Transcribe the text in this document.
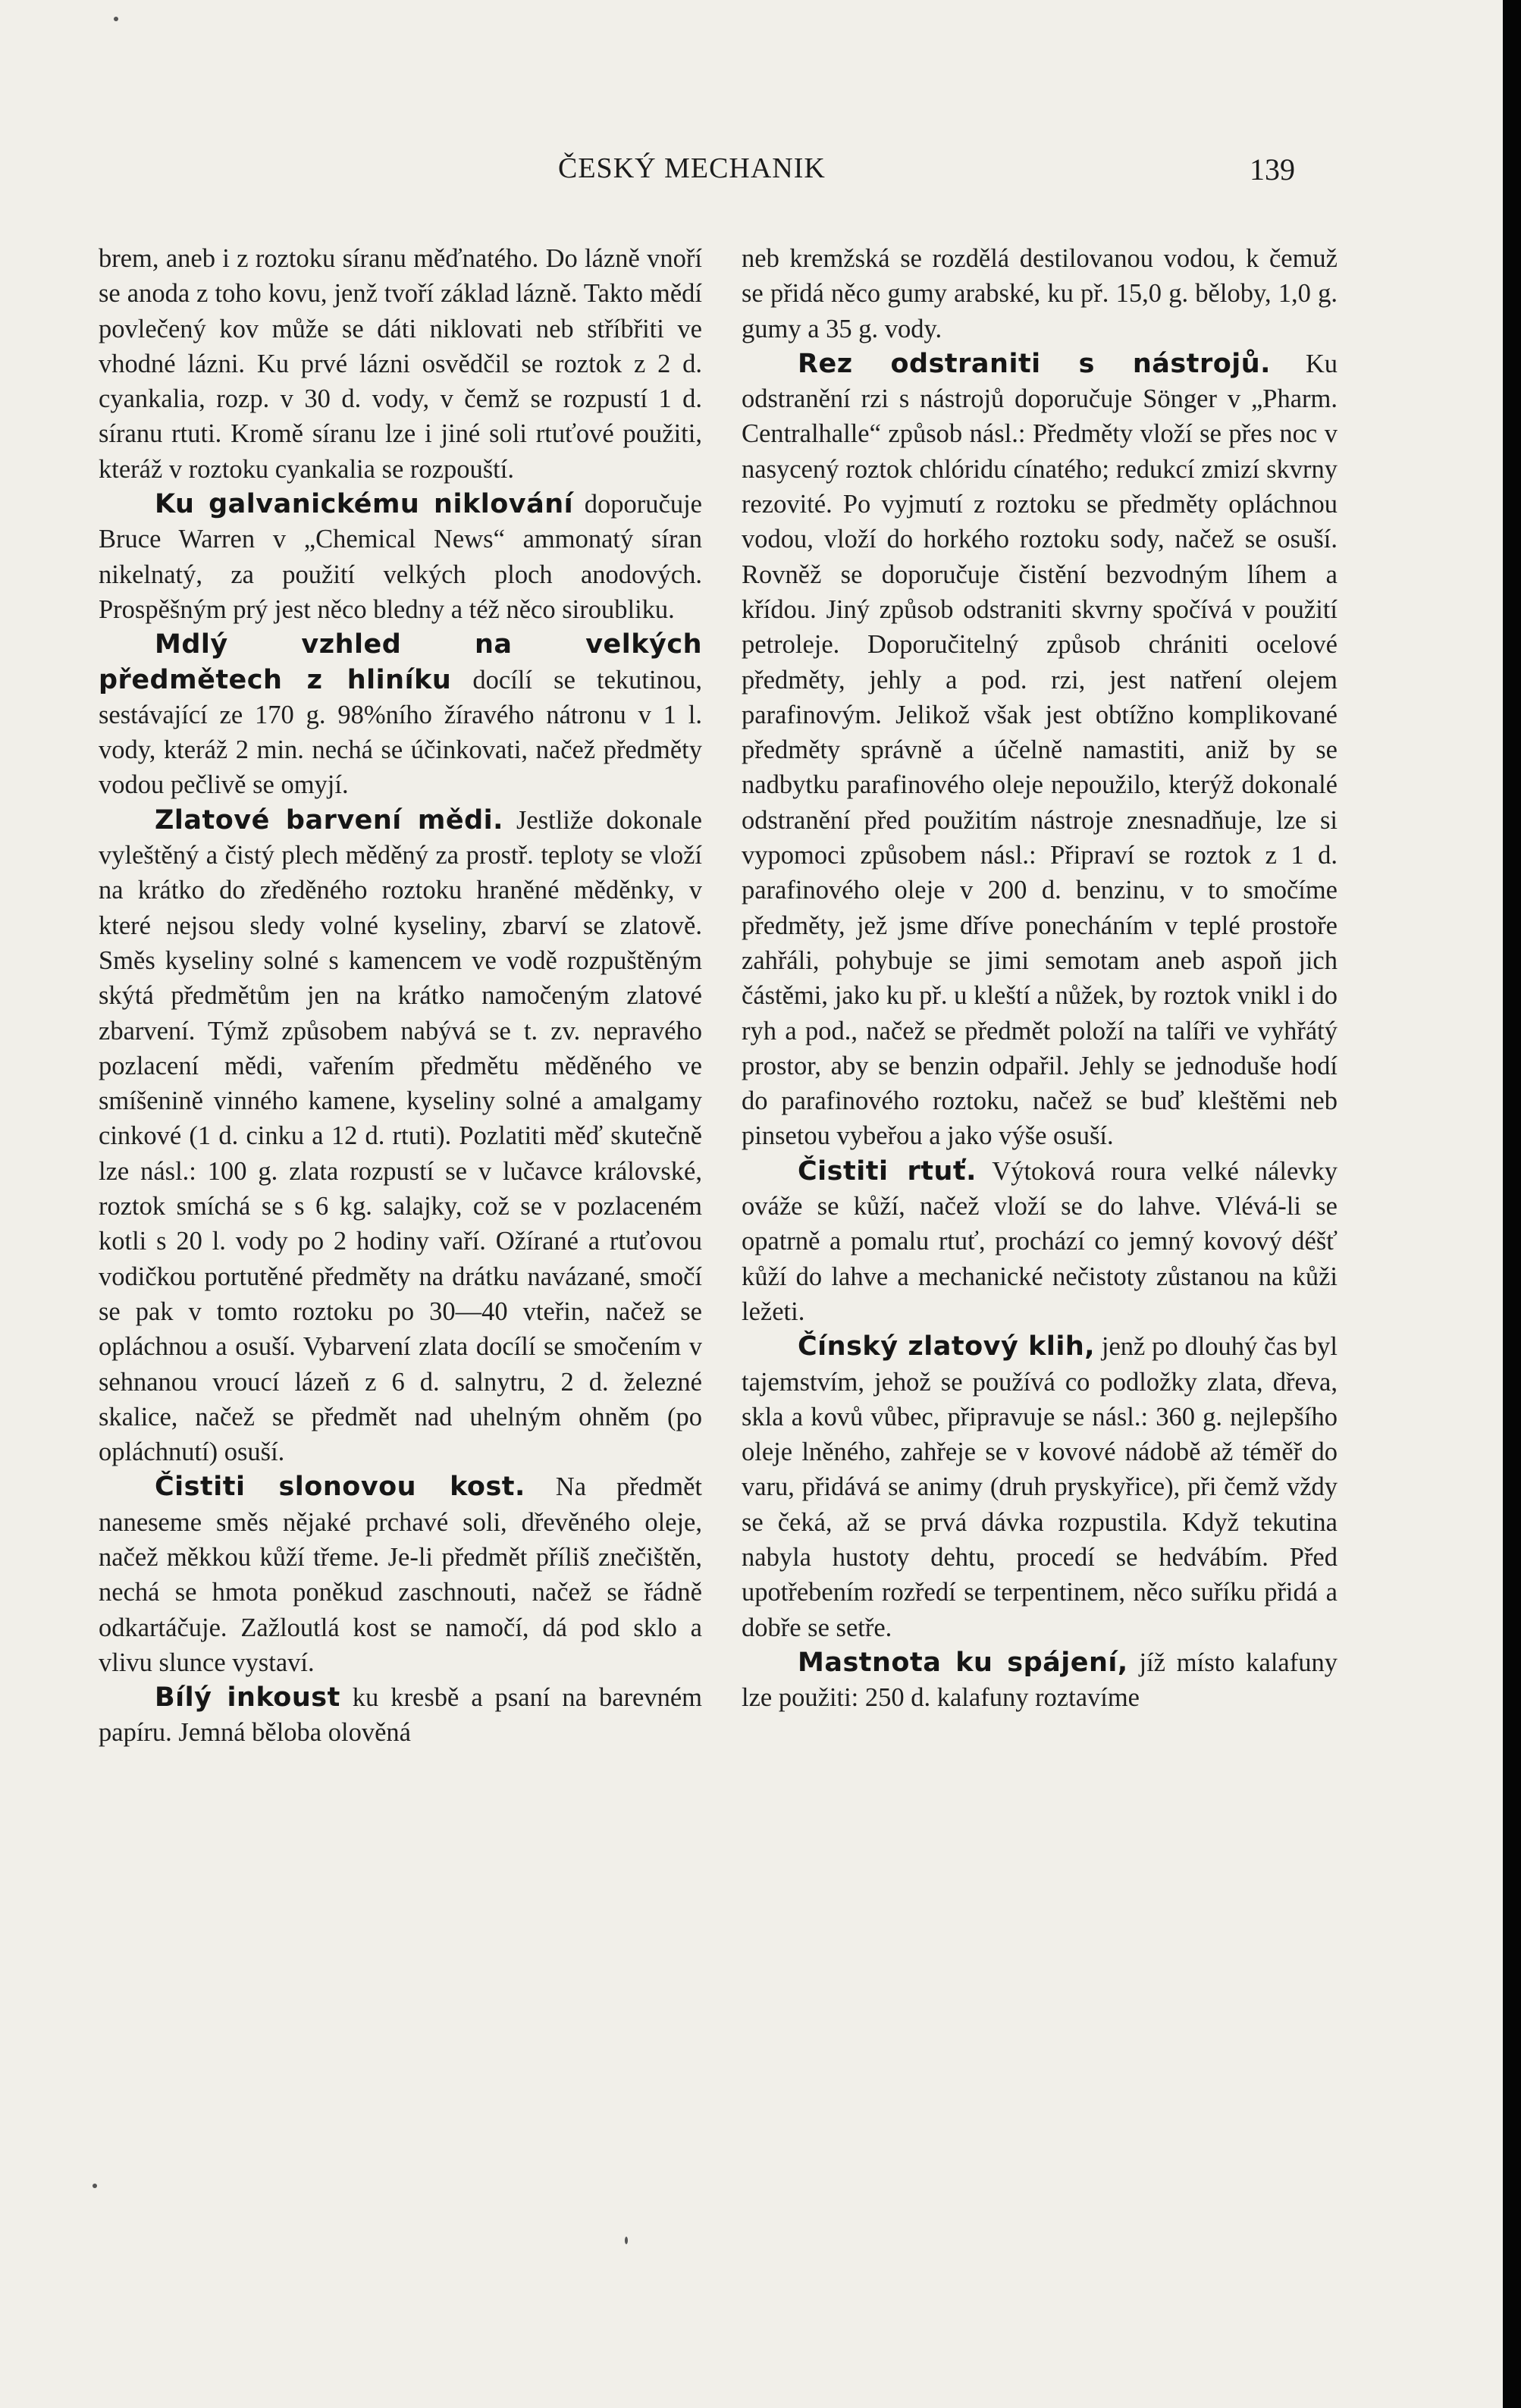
ČESKÝ MECHANIK	139

brem, aneb i z roztoku síranu měďnatého. Do lázně vnoří se anoda z toho kovu, jenž tvoří základ lázně. Takto mědí povlečený kov může se dáti niklovati neb stříbřiti ve vhodné lázni. Ku prvé lázni osvědčil se roztok z 2 d. cyankalia, rozp. v 30 d. vody, v čemž se rozpustí 1 d. síranu rtuti. Kromě síranu lze i jiné soli rtuťové použiti, kteráž v roztoku cyankalia se rozpouští.

Ku galvanickému niklování doporučuje Bruce Warren v „Chemical News“ ammonatý síran nikelnatý, za použití velkých ploch anodových. Prospěšným prý jest něco bledny a též něco siroubliku.

Mdlý vzhled na velkých předmětech z hliníku docílí se tekutinou, sestávající ze 170 g. 98%ního žíravého nátronu v 1 l. vody, kteráž 2 min. nechá se účinkovati, načež předměty vodou pečlivě se omyjí.

Zlatové barvení mědi. Jestliže dokonale vyleštěný a čistý plech měděný za prostř. teploty se vloží na krátko do zředěného roztoku hraněné měděnky, v které nejsou sledy volné kyseliny, zbarví se zlatově. Směs kyseliny solné s kamencem ve vodě rozpuštěným skýtá předmětům jen na krátko namočeným zlatové zbarvení. Týmž způsobem nabývá se t. zv. nepravého pozlacení mědi, vařením předmětu měděného ve smíšenině vinného kamene, kyseliny solné a amalgamy cinkové (1 d. cinku a 12 d. rtuti). Pozlatiti měď skutečně lze násl.: 100 g. zlata rozpustí se v lučavce královské, roztok smíchá se s 6 kg. salajky, což se v pozlaceném kotli s 20 l. vody po 2 hodiny vaří. Ožírané a rtuťovou vodičkou portutěné předměty na drátku navázané, smočí se pak v tomto roztoku po 30—40 vteřin, načež se opláchnou a osuší. Vybarvení zlata docílí se smočením v sehnanou vroucí lázeň z 6 d. salnytru, 2 d. železné skalice, načež se předmět nad uhelným ohněm (po opláchnutí) osuší.

Čistiti slonovou kost. Na předmět naneseme směs nějaké prchavé soli, dřevěného oleje, načež měkkou kůží třeme. Je-li předmět příliš znečištěn, nechá se hmota poněkud zaschnouti, načež se řádně odkartáčuje. Zažloutlá kost se namočí, dá pod sklo a vlivu slunce vystaví.

Bílý inkoust ku kresbě a psaní na barevném papíru. Jemná běloba olověná

neb kremžská se rozdělá destilovanou vodou, k čemuž se přidá něco gumy arabské, ku př. 15,0 g. běloby, 1,0 g. gumy a 35 g. vody.

Rez odstraniti s nástrojů. Ku odstranění rzi s nástrojů doporučuje Sönger v „Pharm. Centralhalle“ způsob násl.: Předměty vloží se přes noc v nasycený roztok chlóridu cínatého; redukcí zmizí skvrny rezovité. Po vyjmutí z roztoku se předměty opláchnou vodou, vloží do horkého roztoku sody, načež se osuší. Rovněž se doporučuje čistění bezvodným líhem a křídou. Jiný způsob odstraniti skvrny spočívá v použití petroleje. Doporučitelný způsob chrániti ocelové předměty, jehly a pod. rzi, jest natření olejem parafinovým. Jelikož však jest obtížno komplikované předměty správně a účelně namastiti, aniž by se nadbytku parafinového oleje nepoužilo, kterýž dokonalé odstranění před použitím nástroje znesnadňuje, lze si vypomoci způsobem násl.: Připraví se roztok z 1 d. parafinového oleje v 200 d. benzinu, v to smočíme předměty, jež jsme dříve ponecháním v teplé prostoře zahřáli, pohybuje se jimi semotam aneb aspoň jich částěmi, jako ku př. u kleští a nůžek, by roztok vnikl i do ryh a pod., načež se předmět položí na talíři ve vyhřátý prostor, aby se benzin odpařil. Jehly se jednoduše hodí do parafinového roztoku, načež se buď kleštěmi neb pinsetou vybeřou a jako výše osuší.

Čistiti rtuť. Výtoková roura velké nálevky ováže se kůží, načež vloží se do lahve. Vlévá-li se opatrně a pomalu rtuť, prochází co jemný kovový déšť kůží do lahve a mechanické nečistoty zůstanou na kůži ležeti.

Čínský zlatový klih, jenž po dlouhý čas byl tajemstvím, jehož se používá co podložky zlata, dřeva, skla a kovů vůbec, připravuje se násl.: 360 g. nejlepšího oleje lněného, zahřeje se v kovové nádobě až téměř do varu, přidává se animy (druh pryskyřice), při čemž vždy se čeká, až se prvá dávka rozpustila. Když tekutina nabyla hustoty dehtu, procedí se hedvábím. Před upotřebením rozředí se terpentinem, něco suříku přidá a dobře se setře.

Mastnota ku spájení, jíž místo kalafuny lze použiti: 250 d. kalafuny roztavíme
